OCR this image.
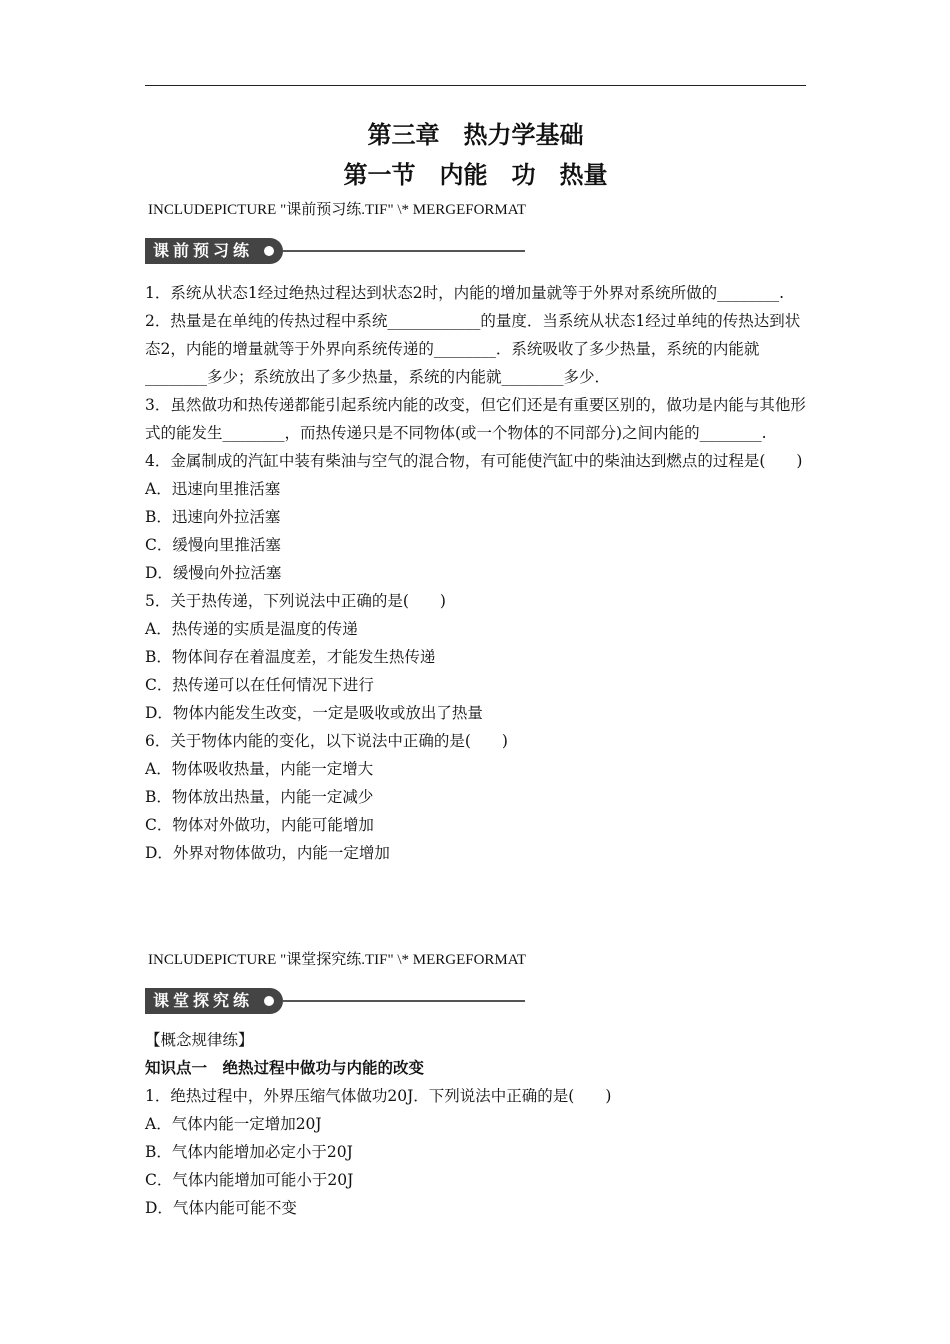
第三章　热力学基础
第一节　内能　功　热量
INCLUDEPICTURE "课前预习练.TIF" \* MERGEFORMAT
课前预习练

1．系统从状态1经过绝热过程达到状态2时，内能的增加量就等于外界对系统所做的________.

2．热量是在单纯的传热过程中系统____________的量度．当系统从状态1经过单纯的传热达到状态2，内能的增量就等于外界向系统传递的________．系统吸收了多少热量，系统的内能就________多少；系统放出了多少热量，系统的内能就________多少．

3．虽然做功和热传递都能引起系统内能的改变，但它们还是有重要区别的，做功是内能与其他形式的能发生________，而热传递只是不同物体(或一个物体的不同部分)之间内能的________.

4．金属制成的汽缸中装有柴油与空气的混合物，有可能使汽缸中的柴油达到燃点的过程是(　　)

A．迅速向里推活塞

B．迅速向外拉活塞

C．缓慢向里推活塞

D．缓慢向外拉活塞

5．关于热传递，下列说法中正确的是(　　)

A．热传递的实质是温度的传递

B．物体间存在着温度差，才能发生热传递

C．热传递可以在任何情况下进行

D．物体内能发生改变，一定是吸收或放出了热量

6．关于物体内能的变化，以下说法中正确的是(　　)

A．物体吸收热量，内能一定增大

B．物体放出热量，内能一定减少

C．物体对外做功，内能可能增加

D．外界对物体做功，内能一定增加

INCLUDEPICTURE "课堂探究练.TIF" \* MERGEFORMAT
课堂探究练

【概念规律练】

知识点一　绝热过程中做功与内能的改变

1．绝热过程中，外界压缩气体做功20J．下列说法中正确的是(　　)

A．气体内能一定增加20J

B．气体内能增加必定小于20J

C．气体内能增加可能小于20J

D．气体内能可能不变
